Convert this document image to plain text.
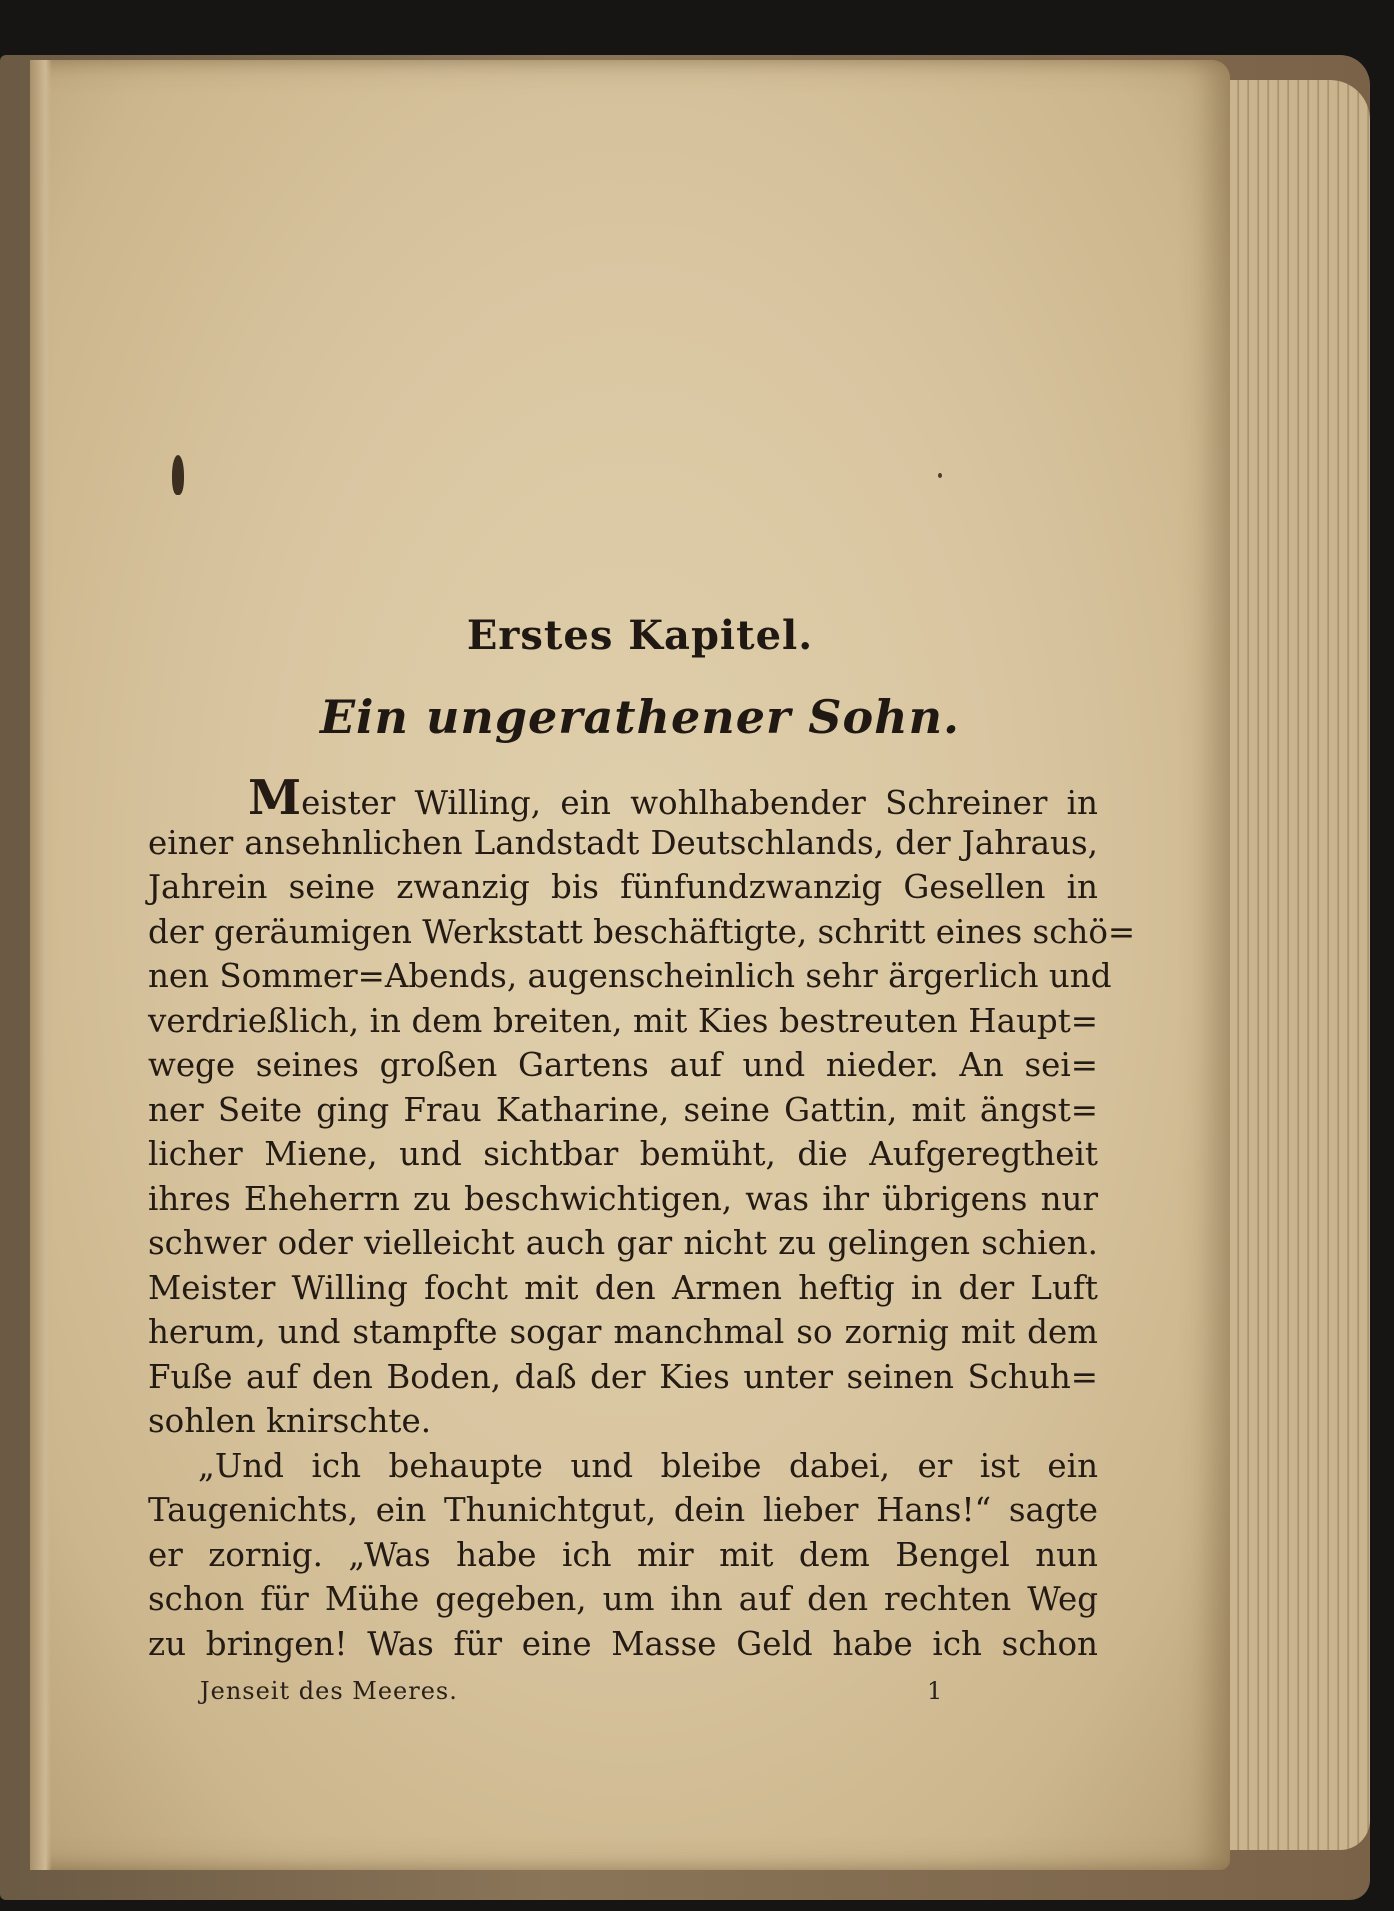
Erstes Kapitel.
Ein ungerathener Sohn.
Meister Willing, ein wohlhabender Schreiner in
einer ansehnlichen Landstadt Deutschlands, der Jahraus,
Jahrein seine zwanzig bis fünfundzwanzig Gesellen in
der geräumigen Werkstatt beschäftigte, schritt eines schö=
nen Sommer=Abends, augenscheinlich sehr ärgerlich und
verdrießlich, in dem breiten, mit Kies bestreuten Haupt=
wege seines großen Gartens auf und nieder. An sei=
ner Seite ging Frau Katharine, seine Gattin, mit ängst=
licher Miene, und sichtbar bemüht, die Aufgeregtheit
ihres Eheherrn zu beschwichtigen, was ihr übrigens nur
schwer oder vielleicht auch gar nicht zu gelingen schien.
Meister Willing focht mit den Armen heftig in der Luft
herum, und stampfte sogar manchmal so zornig mit dem
Fuße auf den Boden, daß der Kies unter seinen Schuh=
sohlen knirschte.
„Und ich behaupte und bleibe dabei, er ist ein
Taugenichts, ein Thunichtgut, dein lieber Hans!“ sagte
er zornig. „Was habe ich mir mit dem Bengel nun
schon für Mühe gegeben, um ihn auf den rechten Weg
zu bringen! Was für eine Masse Geld habe ich schon
Jenseit des Meeres.	1
